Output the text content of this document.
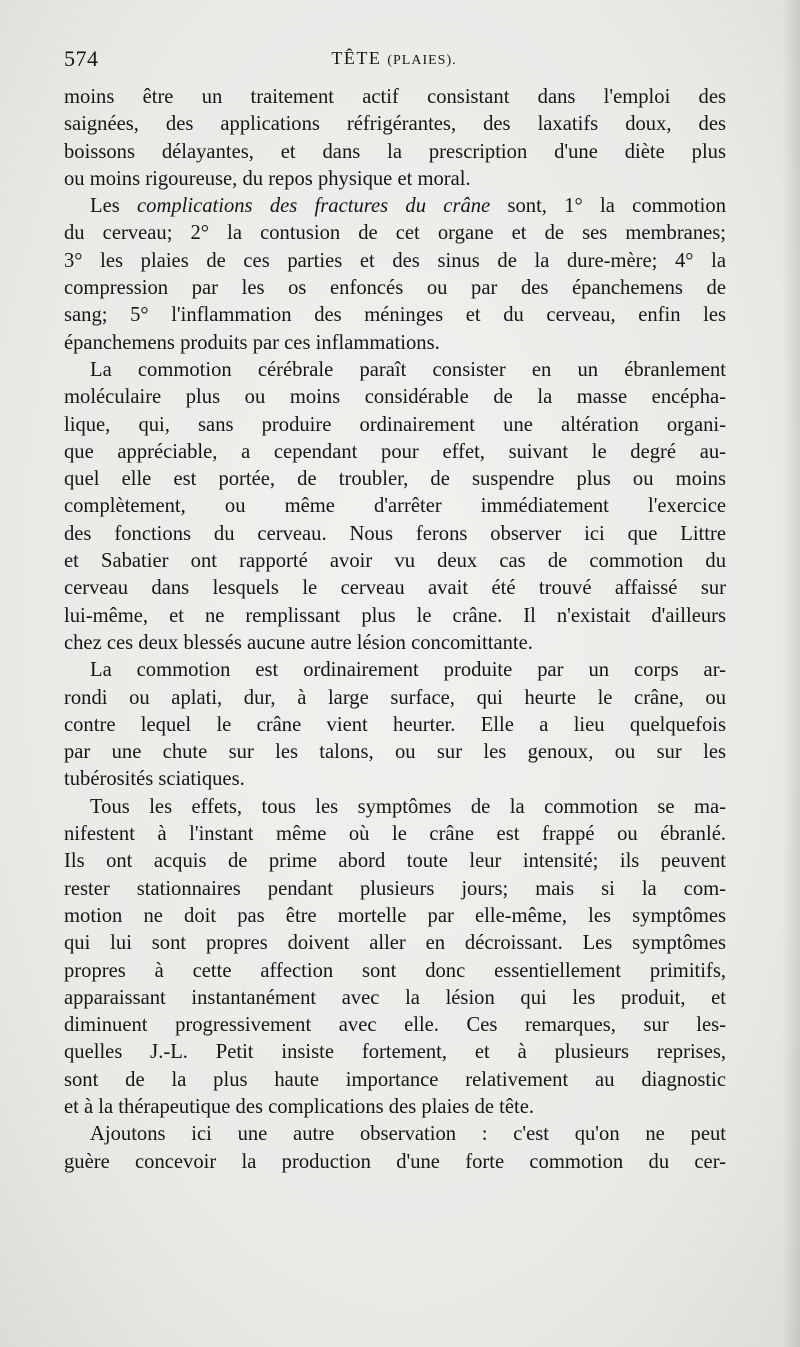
574	TÊTE (PLAIES).
moins être un traitement actif consistant dans l'emploi des
saignées, des applications réfrigérantes, des laxatifs doux, des
boissons délayantes, et dans la prescription d'une diète plus
ou moins rigoureuse, du repos physique et moral.
Les complications des fractures du crâne sont, 1° la commotion
du cerveau; 2° la contusion de cet organe et de ses membranes;
3° les plaies de ces parties et des sinus de la dure-mère; 4° la
compression par les os enfoncés ou par des épanchemens de
sang; 5° l'inflammation des méninges et du cerveau, enfin les
épanchemens produits par ces inflammations.
La commotion cérébrale paraît consister en un ébranlement
moléculaire plus ou moins considérable de la masse encépha-
lique, qui, sans produire ordinairement une altération organi-
que appréciable, a cependant pour effet, suivant le degré au-
quel elle est portée, de troubler, de suspendre plus ou moins
complètement, ou même d'arrêter immédiatement l'exercice
des fonctions du cerveau. Nous ferons observer ici que Littre
et Sabatier ont rapporté avoir vu deux cas de commotion du
cerveau dans lesquels le cerveau avait été trouvé affaissé sur
lui-même, et ne remplissant plus le crâne. Il n'existait d'ailleurs
chez ces deux blessés aucune autre lésion concomittante.
La commotion est ordinairement produite par un corps ar-
rondi ou aplati, dur, à large surface, qui heurte le crâne, ou
contre lequel le crâne vient heurter. Elle a lieu quelquefois
par une chute sur les talons, ou sur les genoux, ou sur les
tubérosités sciatiques.
Tous les effets, tous les symptômes de la commotion se ma-
nifestent à l'instant même où le crâne est frappé ou ébranlé.
Ils ont acquis de prime abord toute leur intensité; ils peuvent
rester stationnaires pendant plusieurs jours; mais si la com-
motion ne doit pas être mortelle par elle-même, les symptômes
qui lui sont propres doivent aller en décroissant. Les symptômes
propres à cette affection sont donc essentiellement primitifs,
apparaissant instantanément avec la lésion qui les produit, et
diminuent progressivement avec elle. Ces remarques, sur les-
quelles J.-L. Petit insiste fortement, et à plusieurs reprises,
sont de la plus haute importance relativement au diagnostic
et à la thérapeutique des complications des plaies de tête.
Ajoutons ici une autre observation : c'est qu'on ne peut
guère concevoir la production d'une forte commotion du cer-
